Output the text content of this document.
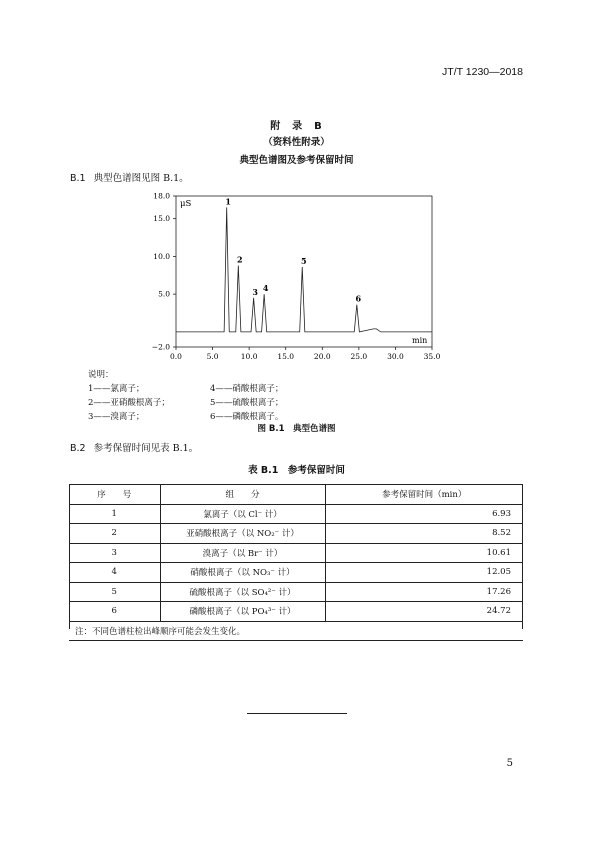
JT/T 1230—2018
附　录　B
（资料性附录）
典型色谱图及参考保留时间
B.1 典型色谱图见图 B.1。
0.0	5.0	10.0	15.0	20.0	25.0	30.0	35.0
−2.0
5.0
10.0
15.0
18.0
1
2
3 4
5
6
μS
min
说明：
1——氯离子；	4——硝酸根离子；
2——亚硝酸根离子；	5——硫酸根离子；
3——溴离子；	6——磷酸根离子。
图 B.1　典型色谱图
B.2 参考保留时间见表 B.1。
表 B.1　参考保留时间
序　　号	组　　分	参考保留时间（min）
1	氯离子（以 Cl⁻ 计）	6.93
2	亚硝酸根离子（以 NO₂⁻ 计）	8.52
3	溴离子（以 Br⁻ 计）	10.61
4	硝酸根离子（以 NO₃⁻ 计）	12.05
5	硫酸根离子（以 SO₄²⁻ 计）	17.26
6	磷酸根离子（以 PO₄³⁻ 计）	24.72
注：不同色谱柱检出峰顺序可能会发生变化。		
5
